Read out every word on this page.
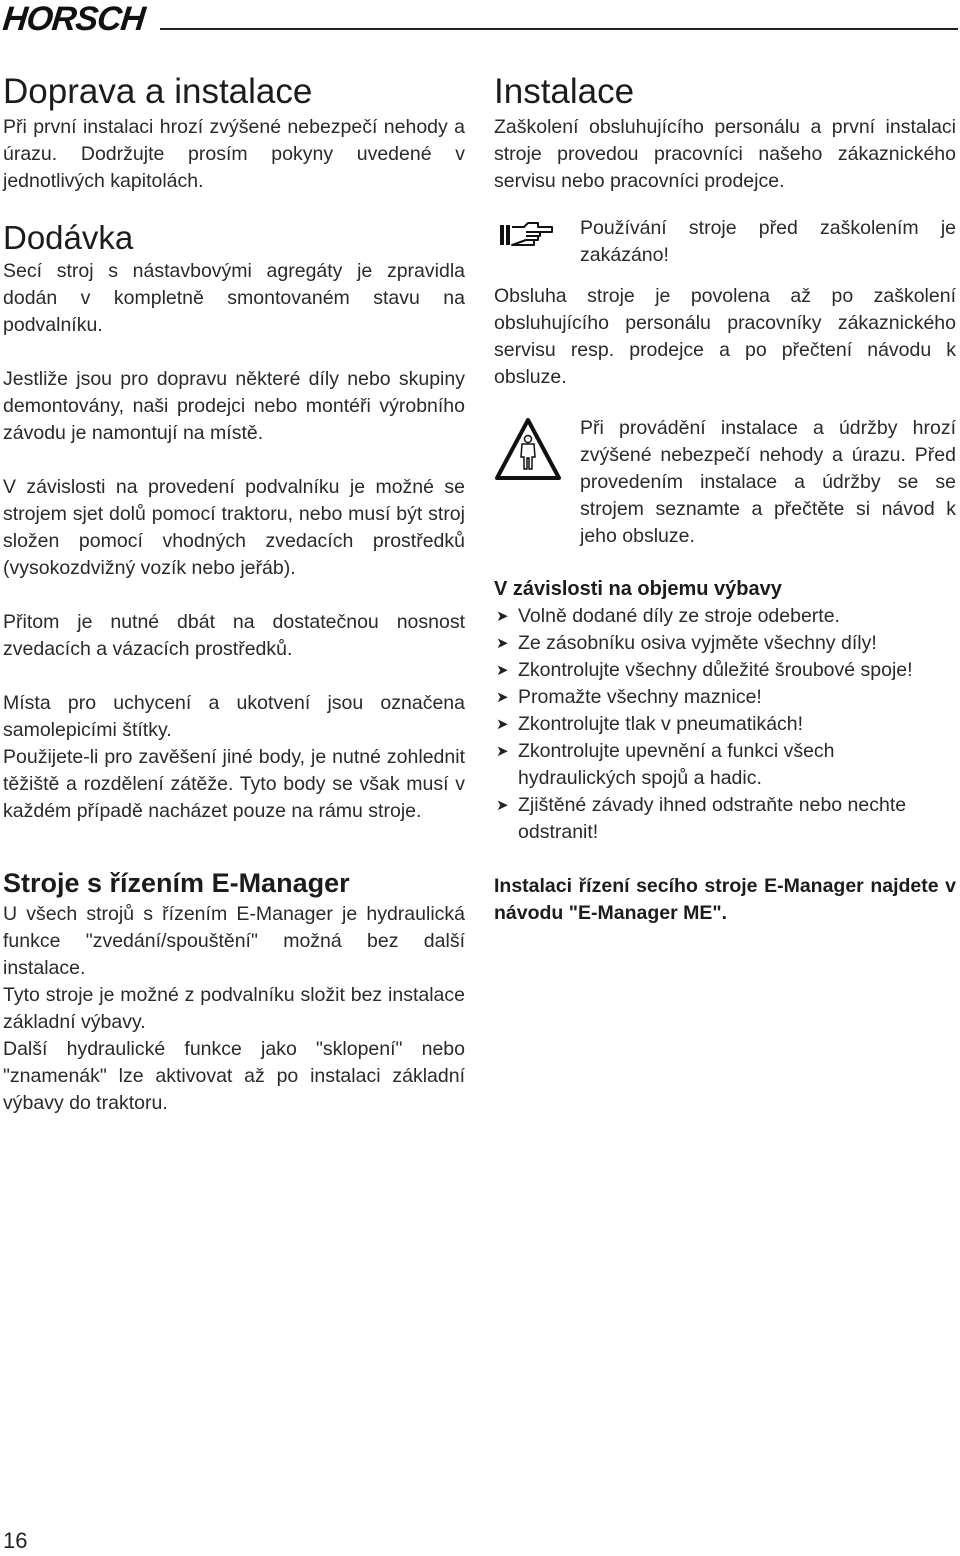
HORSCH
Doprava a instalace

Při první instalaci hrozí zvýšené nebezpečí nehody a úrazu. Dodržujte prosím pokyny uvedené v jednotlivých kapitolách.

Dodávka

Secí stroj s nástavbovými agregáty je zpravidla dodán v kompletně smontovaném stavu na podvalníku.

Jestliže jsou pro dopravu některé díly nebo skupiny demontovány, naši prodejci nebo montéři výrobního závodu je namontují na místě.

V závislosti na provedení podvalníku je možné se strojem sjet dolů pomocí traktoru, nebo musí být stroj složen pomocí vhodných zvedacích prostředků (vysokozdvižný vozík nebo jeřáb).

Přitom je nutné dbát na dostatečnou nosnost zvedacích a vázacích prostředků.

Místa pro uchycení a ukotvení jsou označena samolepicími štítky.

Použijete-li pro zavěšení jiné body, je nutné zohlednit těžiště a rozdělení zátěže. Tyto body se však musí v každém případě nacházet pouze na rámu stroje.

Stroje s řízením E-Manager

U všech strojů s řízením E-Manager je hydraulická funkce "zvedání/spouštění" možná bez další instalace.

Tyto stroje je možné z podvalníku složit bez instalace základní výbavy.

Další hydraulické funkce jako "sklopení" nebo "znamenák" lze aktivovat až po instalaci základní výbavy do traktoru.

Instalace

Zaškolení obsluhujícího personálu a první instalaci stroje provedou pracovníci našeho zákaznického servisu nebo pracovníci prodejce.

Používání stroje před zaškolením je zakázáno!

Obsluha stroje je povolena až po zaškolení obsluhujícího personálu pracovníky zákaznického servisu resp. prodejce a po přečtení návodu k obsluze.

Při provádění instalace a údržby hrozí zvýšené nebezpečí nehody a úrazu. Před provedením instalace a údržby se se strojem seznamte a přečtěte si návod k jeho obsluze.

V závislosti na objemu výbavy
➤ Volně dodané díly ze stroje odeberte.
➤ Ze zásobníku osiva vyjměte všechny díly!
➤ Zkontrolujte všechny důležité šroubové spoje!
➤ Promažte všechny maznice!
➤ Zkontrolujte tlak v pneumatikách!
➤ Zkontrolujte upevnění a funkci všech hydraulických spojů a hadic.
➤ Zjištěné závady ihned odstraňte nebo nechte odstranit!

Instalaci řízení secího stroje E-Manager najdete v návodu "E-Manager ME".

16
